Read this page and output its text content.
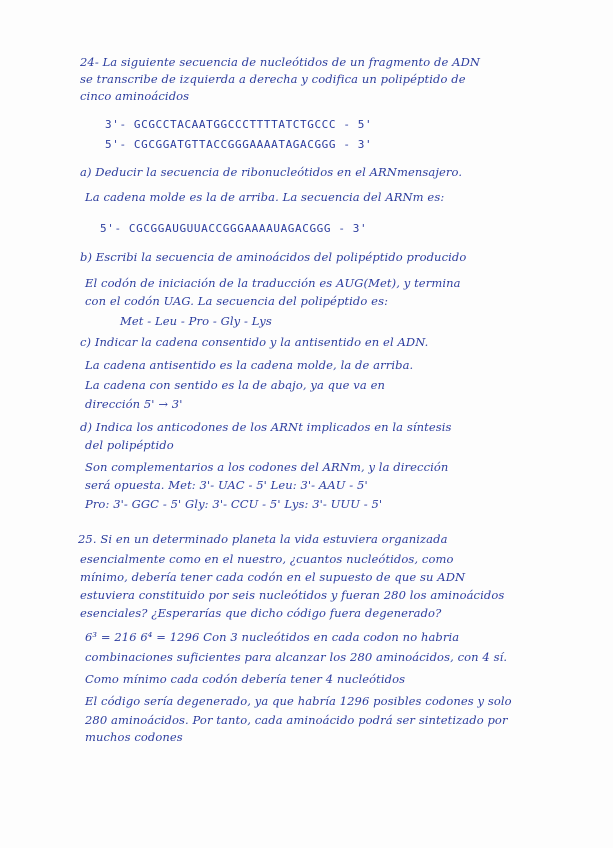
24- La siguiente secuencia de nucleótidos de un fragmento de ADN
se transcribe de izquierda a derecha y codifica un polipéptido de
cinco aminoácidos
3'- GCGCCTACAATGGCCCTTTTATCTGCCC - 5'
5'- CGCGGATGTTACCGGGAAAATAGACGGG - 3'
a) Deducir la secuencia de ribonucleótidos en el ARNmensajero.
La cadena molde es la de arriba. La secuencia del ARNm es:
5'- CGCGGAUGUUACCGGGAAAAUAGACGGG - 3'
b) Escribi la secuencia de aminoácidos del polipéptido producido
El codón de iniciación de la traducción es AUG(Met), y termina
con el codón UAG. La secuencia del polipéptido es:
Met - Leu - Pro - Gly - Lys
c) Indicar la cadena consentido y la antisentido en el ADN.
La cadena antisentido es la cadena molde, la de arriba.
La cadena con sentido es la de abajo, ya que va en
dirección 5' → 3'
d) Indica los anticodones de los ARNt implicados en la síntesis
del polipéptido
Son complementarios a los codones del ARNm, y la dirección
será opuesta. Met: 3'- UAC - 5' Leu: 3'- AAU - 5'
Pro: 3'- GGC - 5' Gly: 3'- CCU - 5' Lys: 3'- UUU - 5'
25. Si en un determinado planeta la vida estuviera organizada
esencialmente como en el nuestro, ¿cuantos nucleótidos, como
mínimo, debería tener cada codón en el supuesto de que su ADN
estuviera constituido por seis nucleótidos y fueran 280 los aminoácidos
esenciales? ¿Esperarías que dicho código fuera degenerado?
6³ = 216 6⁴ = 1296 Con 3 nucleótidos en cada codon no habria
combinaciones suficientes para alcanzar los 280 aminoácidos, con 4 sí.
Como mínimo cada codón debería tener 4 nucleótidos
El código sería degenerado, ya que habría 1296 posibles codones y solo
280 aminoácidos. Por tanto, cada aminoácido podrá ser sintetizado por
muchos codones
